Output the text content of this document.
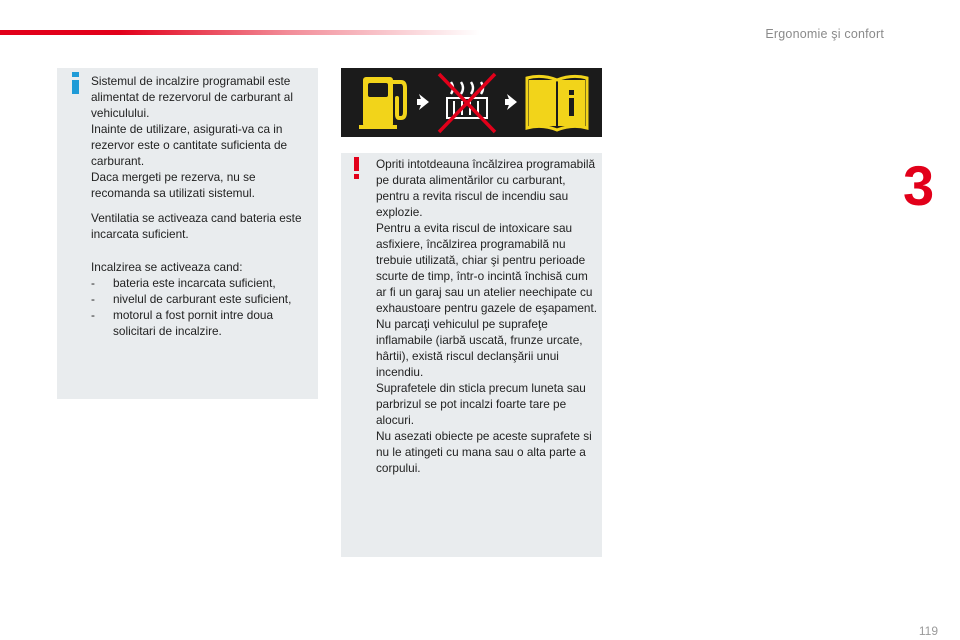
Ergonomie şi confort
3
119

Sistemul de incalzire programabil este alimentat de rezervorul de carburant al vehiculului.

Inainte de utilizare, asigurati-va ca in rezervor este o cantitate suficienta de carburant.

Daca mergeti pe rezerva, nu se recomanda sa utilizati sistemul.

Ventilatia se activeaza cand bateria este incarcata suficient.

Incalzirea se activeaza cand:

- bateria este incarcata suficient,
- nivelul de carburant este suficient,
- motorul a fost pornit intre doua solicitari de incalzire.

Opriti intotdeauna încălzirea programabilă pe durata alimentărilor cu carburant, pentru a revita riscul de incendiu sau explozie.

Pentru a evita riscul de intoxicare sau asfixiere, încălzirea programabilă nu trebuie utilizată, chiar şi pentru perioade scurte de timp, într-o incintă închisă cum ar fi un garaj sau un atelier neechipate cu exhaustoare pentru gazele de eşapament.

Nu parcaţi vehiculul pe suprafeţe inflamabile (iarbă uscată, frunze urcate, hârtii), există riscul declanşării unui incendiu.

Suprafetele din sticla precum luneta sau parbrizul se pot incalzi foarte tare pe alocuri.

Nu asezati obiecte pe aceste suprafete si nu le atingeti cu mana sau o alta parte a corpului.
